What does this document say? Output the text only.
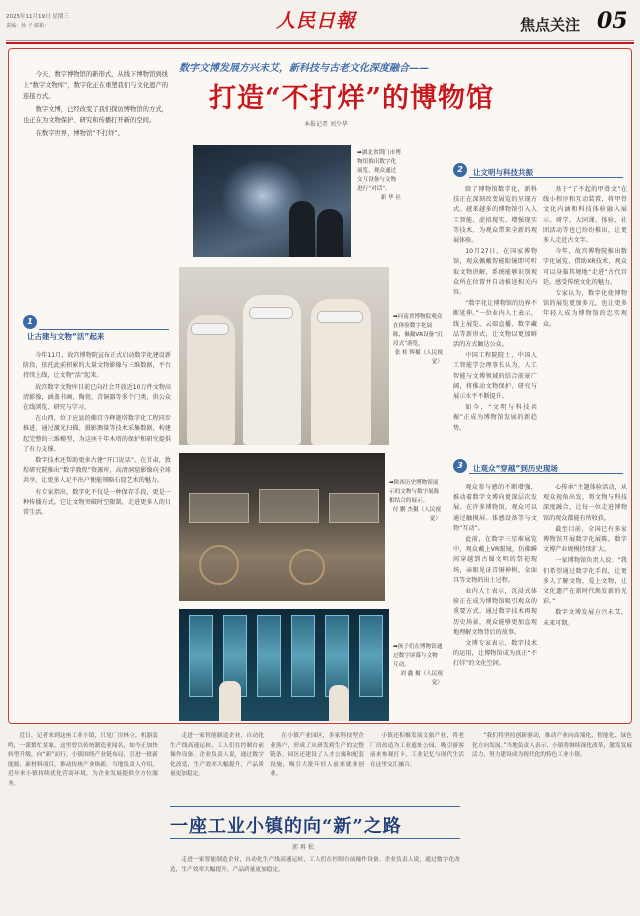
2025年11月19日 星期三
责编：孙 子 邮箱：	人民日報	焦点关注 05
数字文博发展方兴未艾，新科技与古老文化深度融合——
打造“不打烊”的博物馆
本报记者 刘少华

今天，数字博物馆的新形式，从线下博物馆到线上“数字文物库”，数字化正在重塑我们与文化遗产的连接方式。

数字文博，已经改变了我们探访博物馆的方式，也正在为文物保护、研究和传播打开新的空间。

在数字世界，博物馆“不打烊”。

➡湖北省荆门市博物馆推出数字化展览，观众通过交互设备与文物进行“对话”。
新 华 社
➡河南省博物院观众在体验数字化展陈，佩戴VR设备“沉浸式”游览。
张 桂 辉摄（人民视觉）
➡陕西历史博物馆展示的文物与数字展陈相结合的展示。
付 鹏 杰摄（人民视觉）
➡孩子们在博物馆通过数字屏幕与文物互动。
刘 鑫 摄（人民视觉）
1
让古建与文物“活”起来

今年11月，故宫博物院宣布正式启动数字化建设新阶段，依托此前积累的大量文物影像与三维数据，平台持续上线，让文物“活”起来。

故宫数字文物库目前已向社会开放近10万件文物高清影像，涵盖书画、陶瓷、青铜器等多个门类，供公众在线浏览、研究与学习。

在山西，位于应县的佛宫寺释迦塔数字化工程同步推进，通过激光扫描、摄影测量等技术采集数据，构建起完整的三维模型，为这座千年木塔的保护和研究提供了有力支撑。

数字技术还帮助更多古建“开口说话”。在甘肃，敦煌研究院推出“数字敦煌”资源库，高清洞窟影像向全球共享，让更多人足不出户便能领略石窟艺术的魅力。

有专家指出，数字化不仅是一种保存手段，更是一种传播方式。它让文物突破时空限制，走进更多人的日常生活。

2	让文明与科技共振

除了博物馆数字化，新科技正在深刻改变展览的呈现方式。越来越多的博物馆引入人工智能、虚拟现实、增强现实等技术，为观众带来全新的观展体验。

10月27日，在国家博物馆，观众佩戴智能眼镜即可听取文物讲解，系统能够识别观众所在位置并自动推送相关内容。

“数字化让博物馆的边界不断延伸。”一位业内人士表示，线上展览、云端直播、数字藏品等新形式，让文物以更加鲜活的方式触达公众。

中国工程院院士、中国人工智能学会理事长认为，人工智能与文博领域的结合前景广阔，将推动文物保护、研究与展示水平不断提升。

如今，“文明与科技共振”正成为博物馆发展的新趋势。

基于“了不起的甲骨文”在线小程序和互动装置，将甲骨文化内涵和科技体验融入展示。研学、大同课、体验、社团活动等也已纷纷推出，让更多人走近古文字。

今年，故宫博物院推出数字化展览，借助XR技术，观众可以身临其境地“走进”古代宫廷，感受传统文化的魅力。

专家认为，数字化使博物馆的展览更加多元，也让更多年轻人成为博物馆的忠实观众。

3	让观众“穿越”到历史现场

观众参与感的不断增强，推动着数字文博向更深层次发展。在许多博物馆，观众可以通过触摸屏、体感设备等与文物“互动”。

此前，在数字三星堆展览中，观众戴上VR眼镜，仿佛瞬间穿越到古蜀文明的祭祀现场，亲眼见证青铜神树、金面具等文物的出土过程。

业内人士表示，沉浸式体验正在成为博物馆吸引观众的重要方式，通过数字技术再现历史场景，观众能够更加直观地理解文物背后的故事。

文博专家表示，数字技术的运用，让博物馆成为真正“不打烊”的文化空间。

心传承”主题体验活动，从观众视角出发，将文物与科技深度融合，让每一位走进博物馆的观众都能有所收获。

截至目前，全国已有多家博物馆开展数字化展陈，数字文博产业规模持续扩大。

一家博物馆负责人说：“我们希望通过数字化手段，让更多人了解文物，爱上文物，让文化遗产在新时代焕发新的光彩。”

数字文博发展方兴未艾，未来可期。

近日，记者来到这座工业小镇，只见厂房林立，机器轰鸣，一派繁忙景象。这里曾以传统制造业闻名，如今正加快转型升级，向“新”而行。小镇围绕产业链布局，引进一批新能源、新材料项目，推动传统产业焕新。当地负责人介绍，近年来小镇持续优化营商环境，为企业发展提供全方位服务。

走进一家智能制造企业，自动化生产线高速运转，工人们在控制台前操作设备。企业负责人说，通过数字化改造，生产效率大幅提升，产品质量更加稳定。

在小镇产业园区，多家科技型企业落户，形成了从研发到生产的完整链条。园区还建设了人才公寓和配套设施，吸引大批年轻人前来就业创业。

小镇还积极发展文旅产业，将老厂房改造为工业遗址公园，吸引游客前来参观打卡，工业记忆与现代生活在这里交汇融合。

一座工业小镇的向“新”之路
郭 再 松

走进一家智能制造企业，自动化生产线高速运转，工人们在控制台前操作设备。企业负责人说，通过数字化改造，生产效率大幅提升，产品质量更加稳定。

“我们将坚持创新驱动，推动产业向高端化、智能化、绿色化方向发展。”当地负责人表示，小镇将继续深化改革，激发发展活力，努力建设成为现代化的特色工业小镇。
